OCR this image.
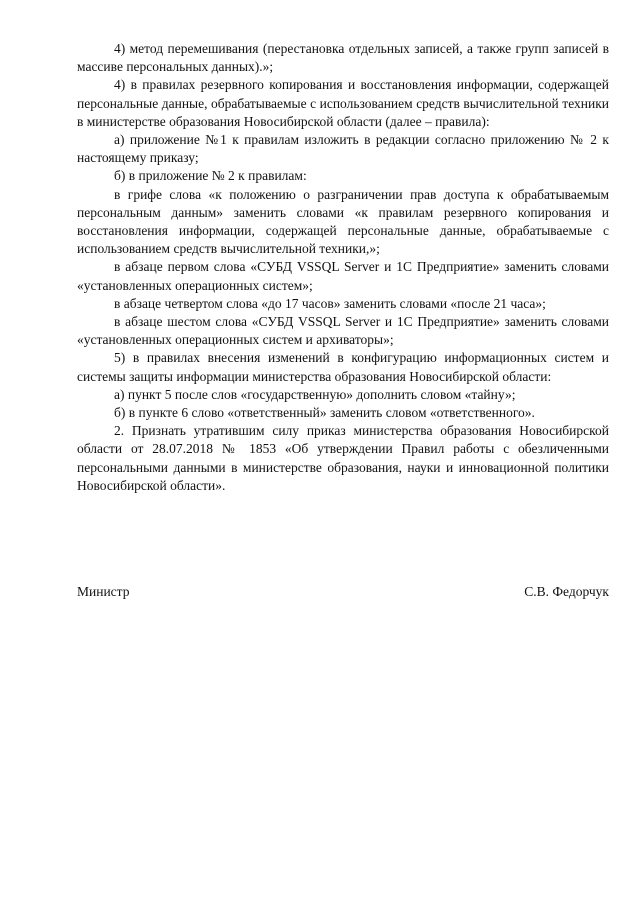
4) метод перемешивания (перестановка отдельных записей, а также групп записей в массиве персональных данных).»;

4) в правилах резервного копирования и восстановления информации, содержащей персональные данные, обрабатываемые с использованием средств вычислительной техники в министерстве образования Новосибирской области (далее – правила):

а) приложение №1 к правилам изложить в редакции согласно приложению № 2 к настоящему приказу;

б) в приложение № 2 к правилам:

в грифе слова «к положению о разграничении прав доступа к обрабатываемым персональным данным» заменить словами «к правилам резервного копирования и восстановления информации, содержащей персональные данные, обрабатываемые с использованием средств вычислительной техники,»;

в абзаце первом слова «СУБД VSSQL Server и 1С Предприятие» заменить словами «установленных операционных систем»;

в абзаце четвертом слова «до 17 часов» заменить словами «после 21 часа»;

в абзаце шестом слова «СУБД VSSQL Server и 1С Предприятие» заменить словами «установленных операционных систем и архиваторы»;

5) в правилах внесения изменений в конфигурацию информационных систем и системы защиты информации министерства образования Новосибирской области:

а) пункт 5 после слов «государственную» дополнить словом «тайну»;

б) в пункте 6 слово «ответственный» заменить словом «ответственного».

2. Признать утратившим силу приказ министерства образования Новосибирской области от 28.07.2018 № 1853 «Об утверждении Правил работы с обезличенными персональными данными в министерстве образования, науки и инновационной политики Новосибирской области».

Министр	С.В. Федорчук
